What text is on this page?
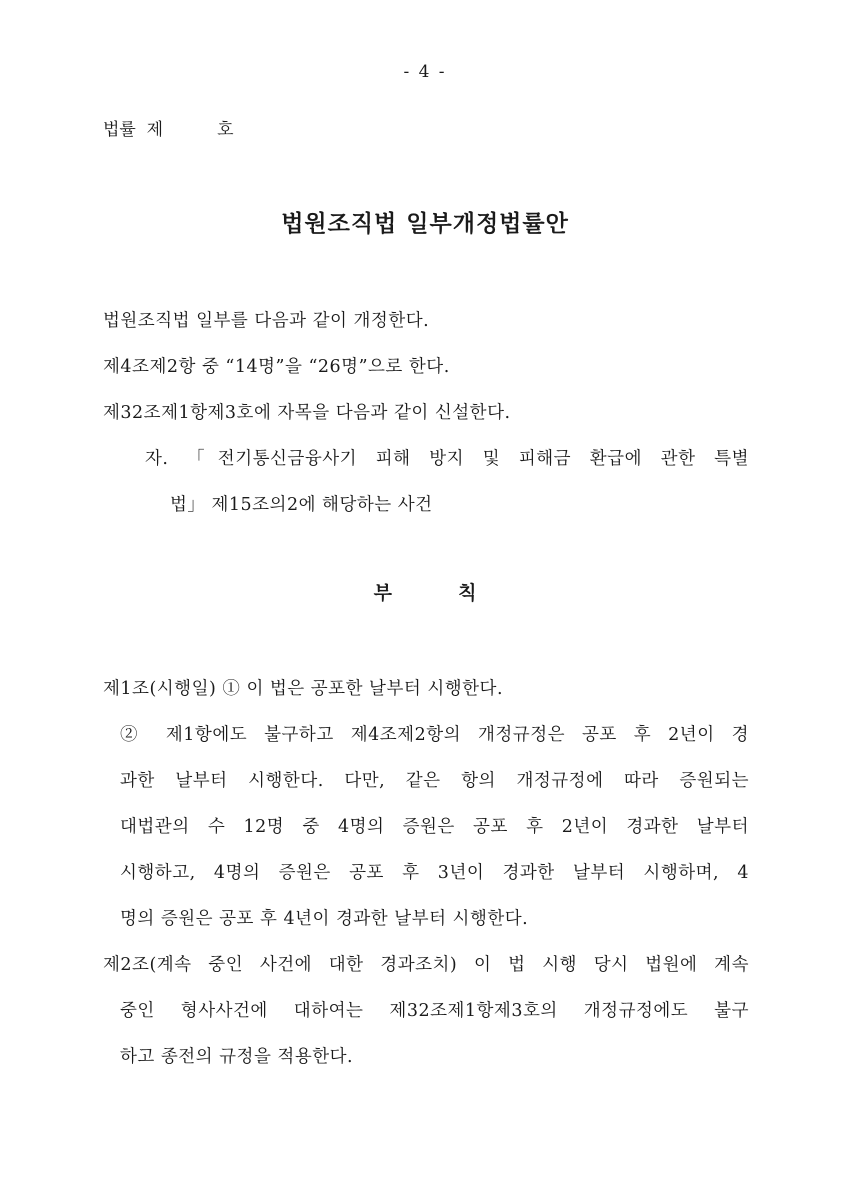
- 4 -
법률  제          호
법원조직법 일부개정법률안
법원조직법 일부를 다음과 같이 개정한다.
제4조제2항 중 “14명”을 “26명”으로 한다.
제32조제1항제3호에 자목을 다음과 같이 신설한다.
자. 「전기통신금융사기 피해 방지 및 피해금 환급에 관한 특별
법」 제15조의2에 해당하는 사건
부          칙
제1조(시행일) ① 이 법은 공포한 날부터 시행한다.
② 제1항에도 불구하고 제4조제2항의 개정규정은 공포 후 2년이 경
과한 날부터 시행한다. 다만, 같은 항의 개정규정에 따라 증원되는
대법관의 수 12명 중 4명의 증원은 공포 후 2년이 경과한 날부터
시행하고, 4명의 증원은 공포 후 3년이 경과한 날부터 시행하며, 4
명의 증원은 공포 후 4년이 경과한 날부터 시행한다.
제2조(계속 중인 사건에 대한 경과조치) 이 법 시행 당시 법원에 계속
중인 형사사건에 대하여는 제32조제1항제3호의 개정규정에도 불구
하고 종전의 규정을 적용한다.
